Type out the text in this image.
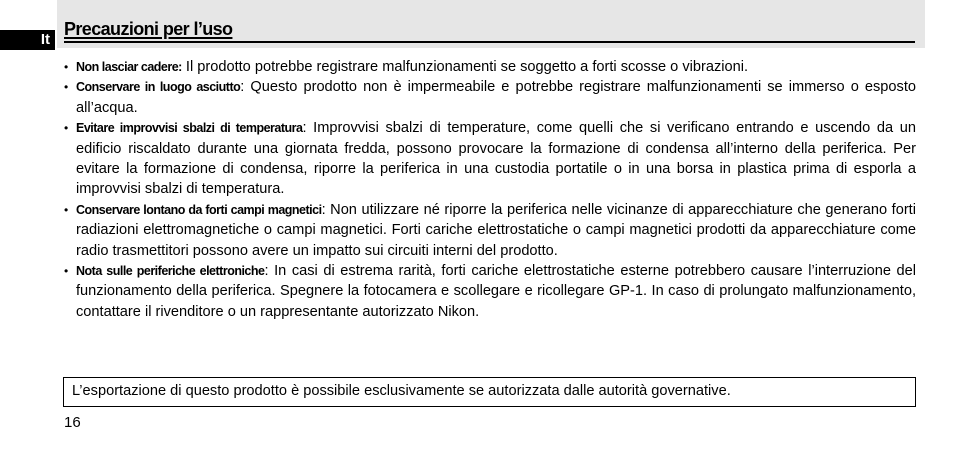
It
Precauzioni per l’uso
• Non lasciar cadere: Il prodotto potrebbe registrare malfunzionamenti se soggetto a forti scosse o vibrazioni.
• Conservare in luogo asciutto: Questo prodotto non è impermeabile e potrebbe registrare malfunzionamenti se immerso o esposto all’acqua.
• Evitare improvvisi sbalzi di temperatura: Improvvisi sbalzi di temperature, come quelli che si verificano entrando e uscendo da un edificio riscaldato durante una giornata fredda, possono provocare la formazione di condensa all’interno della periferica. Per evitare la formazione di condensa, riporre la periferica in una custodia portatile o in una borsa in plastica prima di esporla a improvvisi sbalzi di temperatura.
• Conservare lontano da forti campi magnetici: Non utilizzare né riporre la periferica nelle vicinanze di apparecchiature che generano forti radiazioni elettromagnetiche o campi magnetici. Forti cariche elettrostatiche o campi magnetici prodotti da apparecchiature come radio trasmettitori possono avere un impatto sui circuiti interni del prodotto.
• Nota sulle periferiche elettroniche: In casi di estrema rarità, forti cariche elettrostatiche esterne potrebbero causare l’interruzione del funzionamento della periferica. Spegnere la fotocamera e scollegare e ricollegare GP-1. In caso di prolungato malfunzionamento, contattare il rivenditore o un rappresentante autorizzato Nikon.
L’esportazione di questo prodotto è possibile esclusivamente se autorizzata dalle autorità governative.
16
